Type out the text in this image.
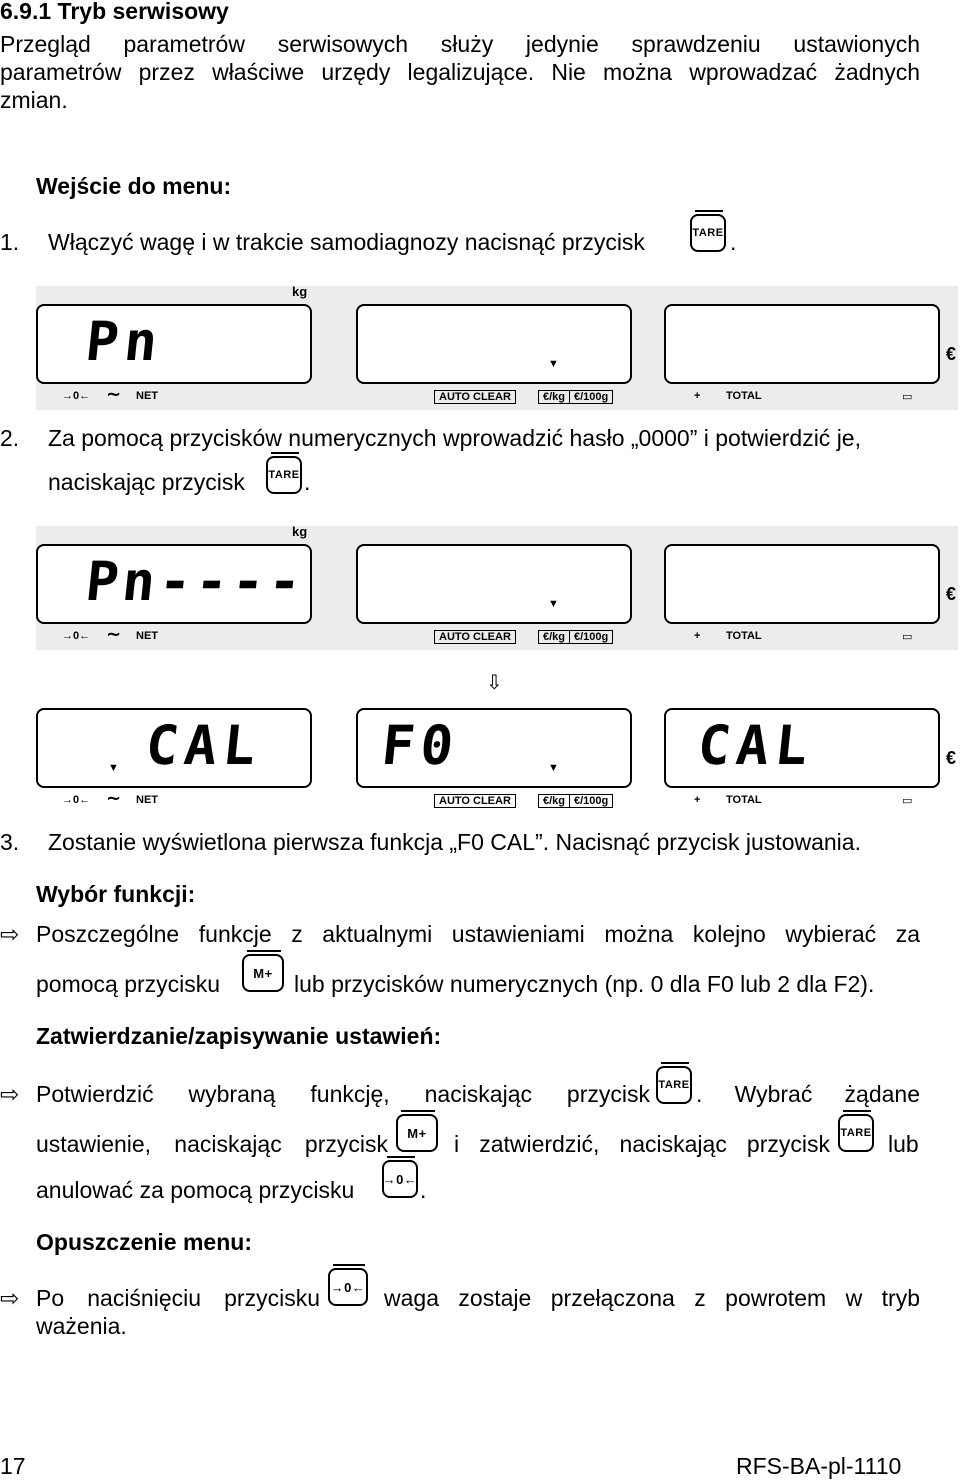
6.9.1 Tryb serwisowy
Przegląd parametrów serwisowych służy jedynie sprawdzeniu ustawionych
parametrów przez właściwe urzędy legalizujące. Nie można wprowadzać żadnych
zmian.
Wejście do menu:
1. Włączyć wagę i w trakcie samodiagnozy nacisnąć przycisk	TARE .
kg
Pn	▼	€
→0← ∼ NET	AUTO CLEAR	€/kg €/100g	+ TOTAL	▭
2. Za pomocą przycisków numerycznych wprowadzić hasło „0000” i potwierdzić je,
naciskając przycisk TARE .
kg
Pn----	▼	€
→0← ∼ NET	AUTO CLEAR	€/kg €/100g	+ TOTAL	▭
⇩
CAL
▼	F0	▼	CAL	€
→0← ∼ NET	AUTO CLEAR	€/kg €/100g	+ TOTAL	▭
3. Zostanie wyświetlona pierwsza funkcja „F0 CAL”. Nacisnąć przycisk justowania.
Wybór funkcji:
⇨ Poszczególne funkcje z aktualnymi ustawieniami można kolejno wybierać za
pomocą przycisku	M+ lub przycisków numerycznych (np. 0 dla F0 lub 2 dla F2).
Zatwierdzanie/zapisywanie ustawień:
⇨ Potwierdzić wybraną funkcję, naciskając przycisk TARE . Wybrać żądane
ustawienie, naciskając przycisk	M+	i zatwierdzić, naciskając przycisk TARE lub
anulować za pomocą przycisku →0← .
Opuszczenie menu:
⇨ Po naciśnięciu przycisku →0← waga zostaje przełączona z powrotem w tryb
ważenia.
17	RFS-BA-pl-1110
